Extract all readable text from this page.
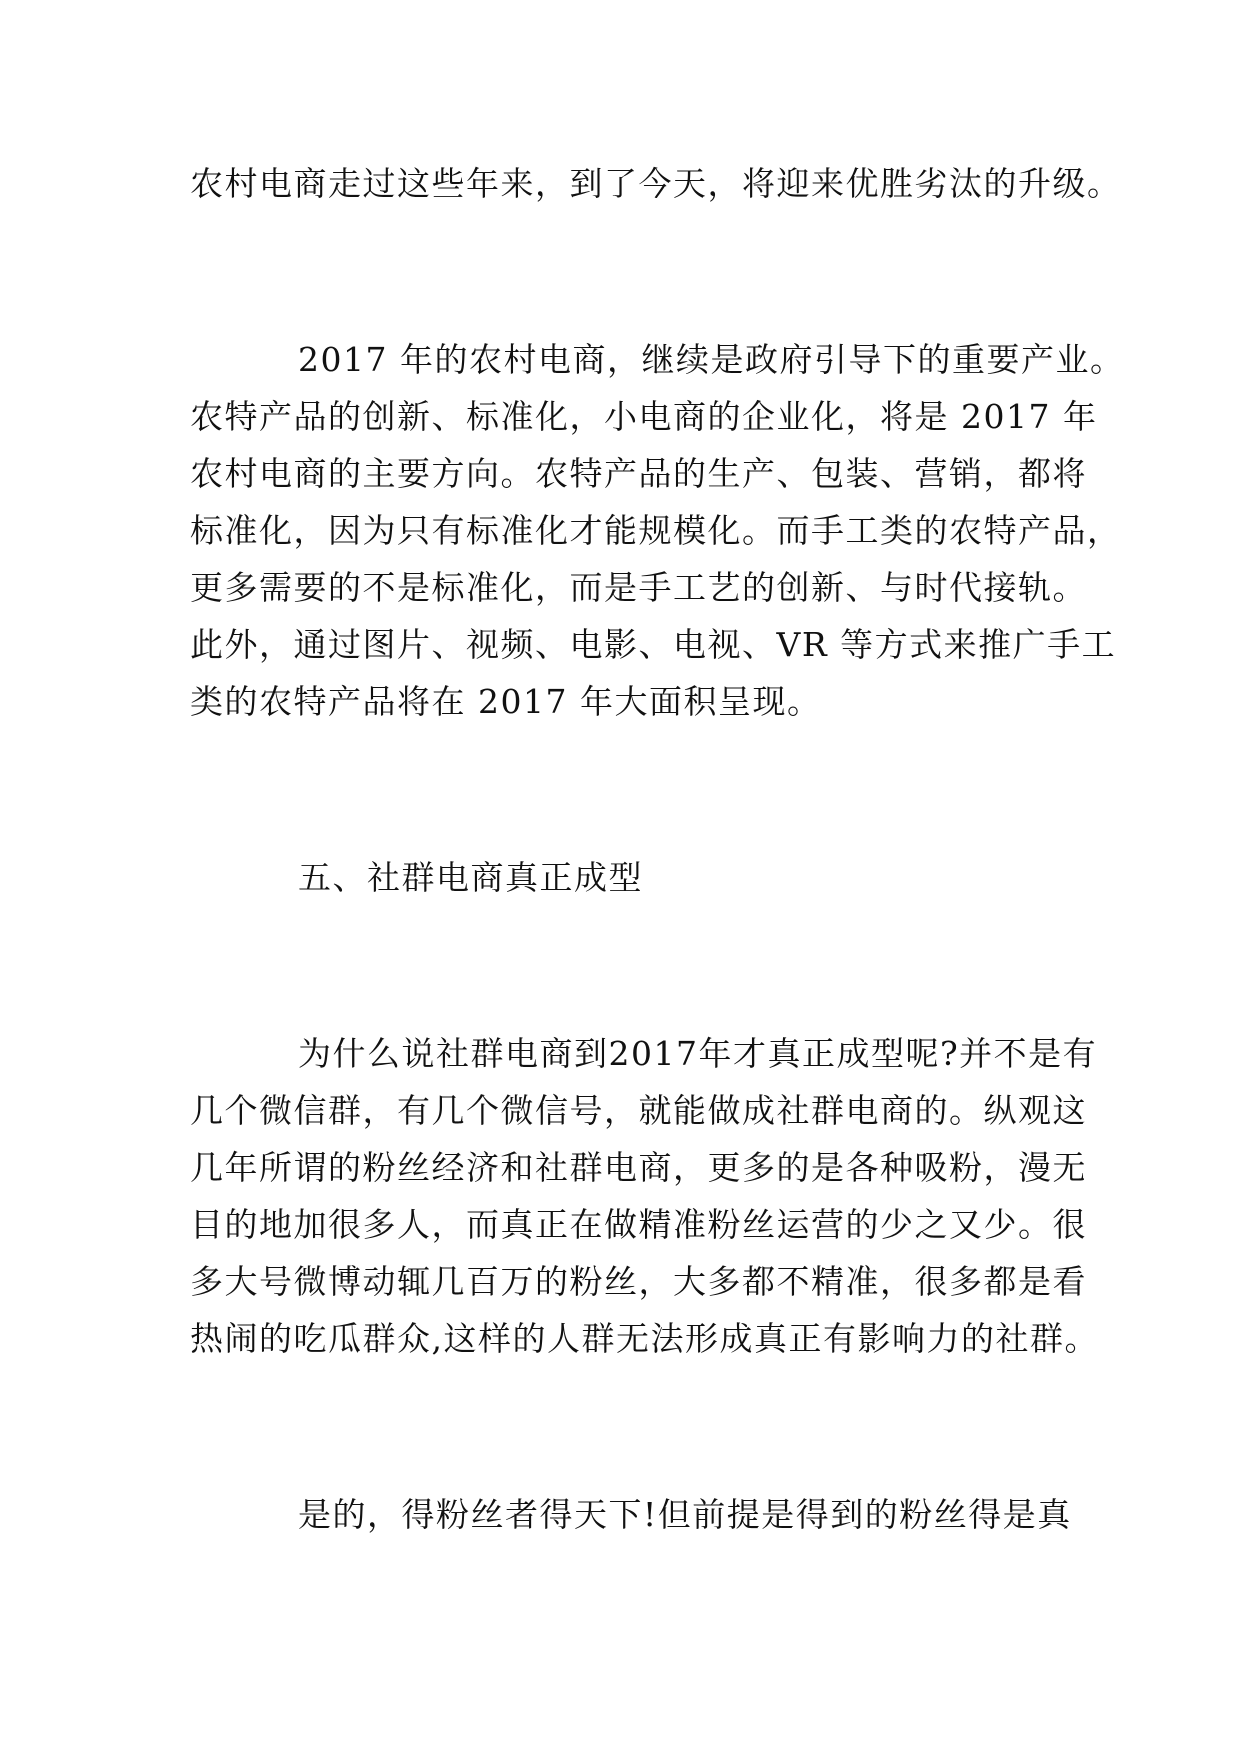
农村电商走过这些年来，到了今天，将迎来优胜劣汰的升级。
2017 年的农村电商，继续是政府引导下的重要产业。
农特产品的创新、标准化，小电商的企业化，将是 2017 年
农村电商的主要方向。农特产品的生产、包装、营销，都将
标准化，因为只有标准化才能规模化。而手工类的农特产品，
更多需要的不是标准化，而是手工艺的创新、与时代接轨。
此外，通过图片、视频、电影、电视、VR 等方式来推广手工
类的农特产品将在 2017 年大面积呈现。
五、社群电商真正成型
为什么说社群电商到2017年才真正成型呢?并不是有
几个微信群，有几个微信号，就能做成社群电商的。纵观这
几年所谓的粉丝经济和社群电商，更多的是各种吸粉，漫无
目的地加很多人，而真正在做精准粉丝运营的少之又少。很
多大号微博动辄几百万的粉丝，大多都不精准，很多都是看
热闹的吃瓜群众,这样的人群无法形成真正有影响力的社群。
是的，得粉丝者得天下!但前提是得到的粉丝得是真
